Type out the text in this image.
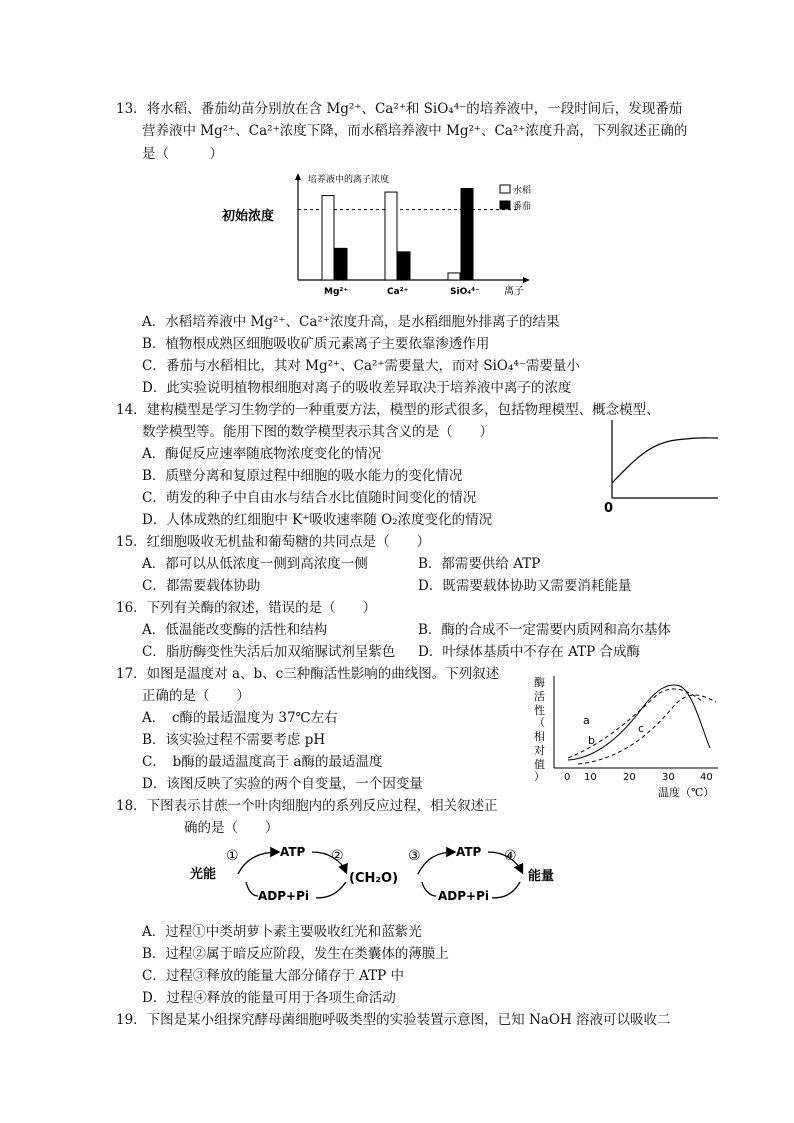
13．将水稻、番茄幼苗分别放在含 Mg²⁺、Ca²⁺和 SiO₄⁴⁻的培养液中，一段时间后，发现番茄
营养液中 Mg²⁺、Ca²⁺浓度下降，而水稻培养液中 Mg²⁺、Ca²⁺浓度升高，下列叙述正确的
是（　　　）
培养液中的离子浓度
初始浓度
离子
水稻
番茄
Mg²⁺	Ca²⁺	SiO₄⁴⁻
A．水稻培养液中 Mg²⁺、Ca²⁺浓度升高，是水稻细胞外排离子的结果
B．植物根成熟区细胞吸收矿质元素离子主要依靠渗透作用
C．番茄与水稻相比，其对 Mg²⁺、Ca²⁺需要量大，而对 SiO₄⁴⁻需要量小
D．此实验说明植物根细胞对离子的吸收差异取决于培养液中离子的浓度
14．建构模型是学习生物学的一种重要方法，模型的形式很多，包括物理模型、概念模型、
数学模型等。能用下图的数学模型表示其含义的是（　　）
A．酶促反应速率随底物浓度变化的情况
B．质壁分离和复原过程中细胞的吸水能力的变化情况
C．萌发的种子中自由水与结合水比值随时间变化的情况
D．人体成熟的红细胞中 K⁺吸收速率随 O₂浓度变化的情况
0
15．红细胞吸收无机盐和葡萄糖的共同点是（　　）
A．都可以从低浓度一侧到高浓度一侧	B．都需要供给 ATP
C．都需要载体协助	D．既需要载体协助又需要消耗能量
16．下列有关酶的叙述，错误的是（　　）
A．低温能改变酶的活性和结构	B．酶的合成不一定需要内质网和高尔基体
C．脂肪酶变性失活后加双缩脲试剂呈紫色 D．叶绿体基质中不存在 ATP 合成酶
17．如图是温度对 a、b、c三种酶活性影响的曲线图。下列叙述
正确的是（　　）
A．　c酶的最适温度为 37℃左右
B．该实验过程不需要考虑 pH
C．　b酶的最适温度高于 a酶的最适温度
D．该图反映了实验的两个自变量，一个因变量
酶
活
性
（
相
对
值
）
a
b
c
0 10	20	30	40
温度（℃）
18．下图表示甘蔗一个叶肉细胞内的系列反应过程，相关叙述正
确的是（　　）
光能
①	ATP ②
ADP+Pi
(CH₂O)
③	ATP ④
ADP+Pi
能量
A．过程①中类胡萝卜素主要吸收红光和蓝紫光
B．过程②属于暗反应阶段，发生在类囊体的薄膜上
C．过程③释放的能量大部分储存于 ATP 中
D．过程④释放的能量可用于各项生命活动
19．下图是某小组探究酵母菌细胞呼吸类型的实验装置示意图，已知 NaOH 溶液可以吸收二
